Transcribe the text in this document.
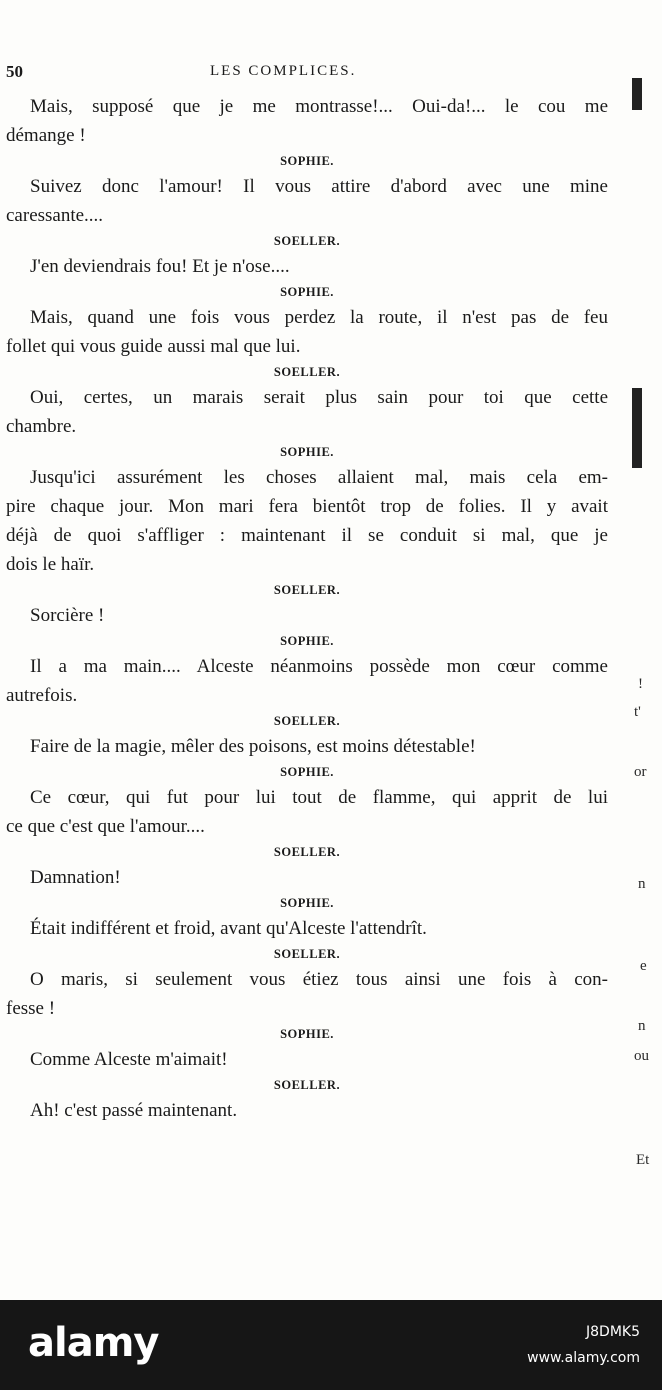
50	LES COMPLICES.
Mais, supposé que je me montrasse!... Oui-da!... le cou me
démange !
SOPHIE.
Suivez donc l'amour! Il vous attire d'abord avec une mine
caressante....
SOELLER.
J'en deviendrais fou! Et je n'ose....
SOPHIE.
Mais, quand une fois vous perdez la route, il n'est pas de feu
follet qui vous guide aussi mal que lui.
SOELLER.
Oui, certes, un marais serait plus sain pour toi que cette
chambre.
SOPHIE.
Jusqu'ici assurément les choses allaient mal, mais cela em-
pire chaque jour. Mon mari fera bientôt trop de folies. Il y avait
déjà de quoi s'affliger : maintenant il se conduit si mal, que je
dois le haïr.
SOELLER.
Sorcière !
SOPHIE.
Il a ma main.... Alceste néanmoins possède mon cœur comme
autrefois.
SOELLER.
Faire de la magie, mêler des poisons, est moins détestable!
SOPHIE.
Ce cœur, qui fut pour lui tout de flamme, qui apprit de lui
ce que c'est que l'amour....
SOELLER.
Damnation!
SOPHIE.
Était indifférent et froid, avant qu'Alceste l'attendrît.
SOELLER.
O maris, si seulement vous étiez tous ainsi une fois à con-
fesse !
SOPHIE.
Comme Alceste m'aimait!
SOELLER.
Ah! c'est passé maintenant.
!
t'
or
n
e
n
ou
Et
alamy	J8DMK5
www.alamy.com
